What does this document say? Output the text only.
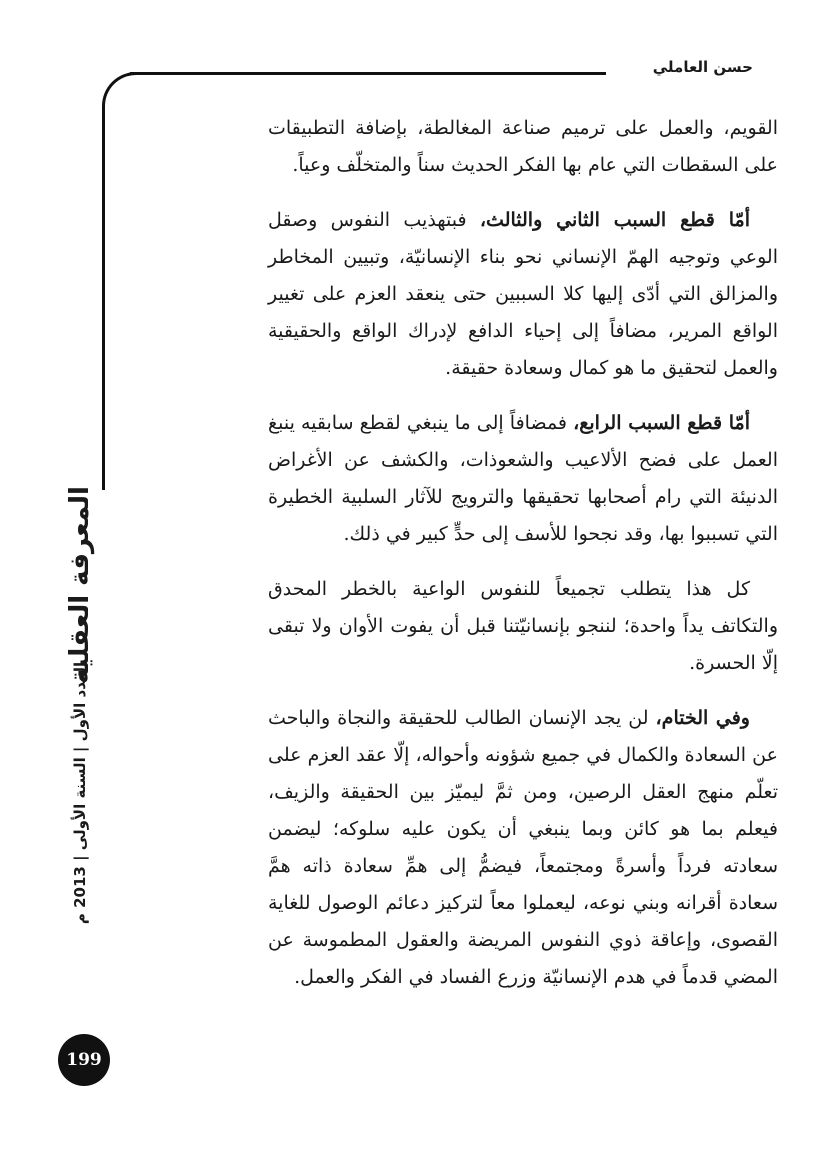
حسن العاملي
المعرفة العقلية
العدد الأول | السنة الأولى | 2013 م

القويم، والعمل على ترميم صناعة المغالطة، بإضافة التطبيقات على السقطات التي عام بها الفكر الحديث سناً والمتخلّف وعياً.

أمّا قطع السبب الثاني والثالث، فبتهذيب النفوس وصقل الوعي وتوجيه الهمّ الإنساني نحو بناء الإنسانيّة، وتبيين المخاطر والمزالق التي أدّى إليها كلا السببين حتى ينعقد العزم على تغيير الواقع المرير، مضافاً إلى إحياء الدافع لإدراك الواقع والحقيقية والعمل لتحقيق ما هو كمال وسعادة حقيقة.

أمّا قطع السبب الرابع، فمضافاً إلى ما ينبغي لقطع سابقيه ينبغ العمل على فضح الألاعيب والشعوذات، والكشف عن الأغراض الدنيئة التي رام أصحابها تحقيقها والترويج للآثار السلبية الخطيرة التي تسببوا بها، وقد نجحوا للأسف إلى حدٍّ كبير في ذلك.

كل هذا يتطلب تجميعاً للنفوس الواعية بالخطر المحدق والتكاتف يداً واحدة؛ لننجو بإنسانيّتنا قبل أن يفوت الأوان ولا تبقى إلّا الحسرة.

وفي الختام، لن يجد الإنسان الطالب للحقيقة والنجاة والباحث عن السعادة والكمال في جميع شؤونه وأحواله، إلّا عقد العزم على تعلّم منهج العقل الرصين، ومن ثمَّ ليميّز بين الحقيقة والزيف، فيعلم بما هو كائن وبما ينبغي أن يكون عليه سلوكه؛ ليضمن سعادته فرداً وأسرةً ومجتمعاً، فيضمُّ إلى همِّ سعادة ذاته همَّ سعادة أقرانه وبني نوعه، ليعملوا معاً لتركيز دعائم الوصول للغاية القصوى، وإعاقة ذوي النفوس المريضة والعقول المطموسة عن المضي قدماً في هدم الإنسانيّة وزرع الفساد في الفكر والعمل.

199
